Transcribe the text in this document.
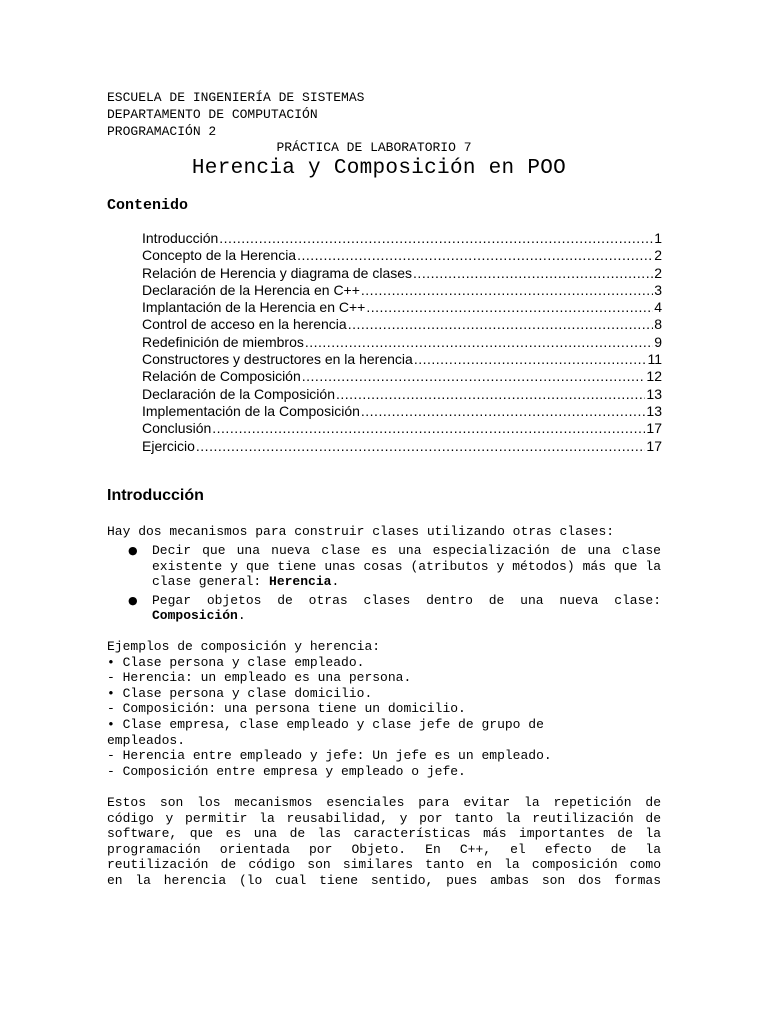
ESCUELA DE INGENIERÍA DE SISTEMAS
DEPARTAMENTO DE COMPUTACIÓN
PROGRAMACIÓN 2
PRÁCTICA DE LABORATORIO 7
Herencia y Composición en POO
Contenido
Introducción .....	1
Concepto de la Herencia .....	2
Relación de Herencia y diagrama de clases .....	2
Declaración de la Herencia en C++ .....	3
Implantación de la Herencia en C++ .....	4
Control de acceso en la herencia .....	8
Redefinición de miembros .....	9
Constructores y destructores en la herencia .....	11
Relación de Composición .....	12
Declaración de la Composición .....	13
Implementación de la Composición .....	13
Conclusión .....	17
Ejercicio .....	17
Introducción
Hay dos mecanismos para construir clases utilizando otras clases:
●	Decir que una nueva clase es una especialización de una clase existente y que tiene unas cosas (atributos y métodos) más que la clase general: Herencia.
●	Pegar objetos de otras clases dentro de una nueva clase: Composición.
Ejemplos de composición y herencia:
• Clase persona y clase empleado.
- Herencia: un empleado es una persona.
• Clase persona y clase domicilio.
- Composición: una persona tiene un domicilio.
• Clase empresa, clase empleado y clase jefe de grupo de
empleados.
- Herencia entre empleado y jefe: Un jefe es un empleado.
- Composición entre empresa y empleado o jefe.
Estos son los mecanismos esenciales para evitar la repetición de
código y permitir la reusabilidad, y por tanto la reutilización de
software, que es una de las características más importantes de la
programación orientada por Objeto. En C++, el efecto de la
reutilización de código son similares tanto en la composición como
en la herencia (lo cual tiene sentido, pues ambas son dos formas
